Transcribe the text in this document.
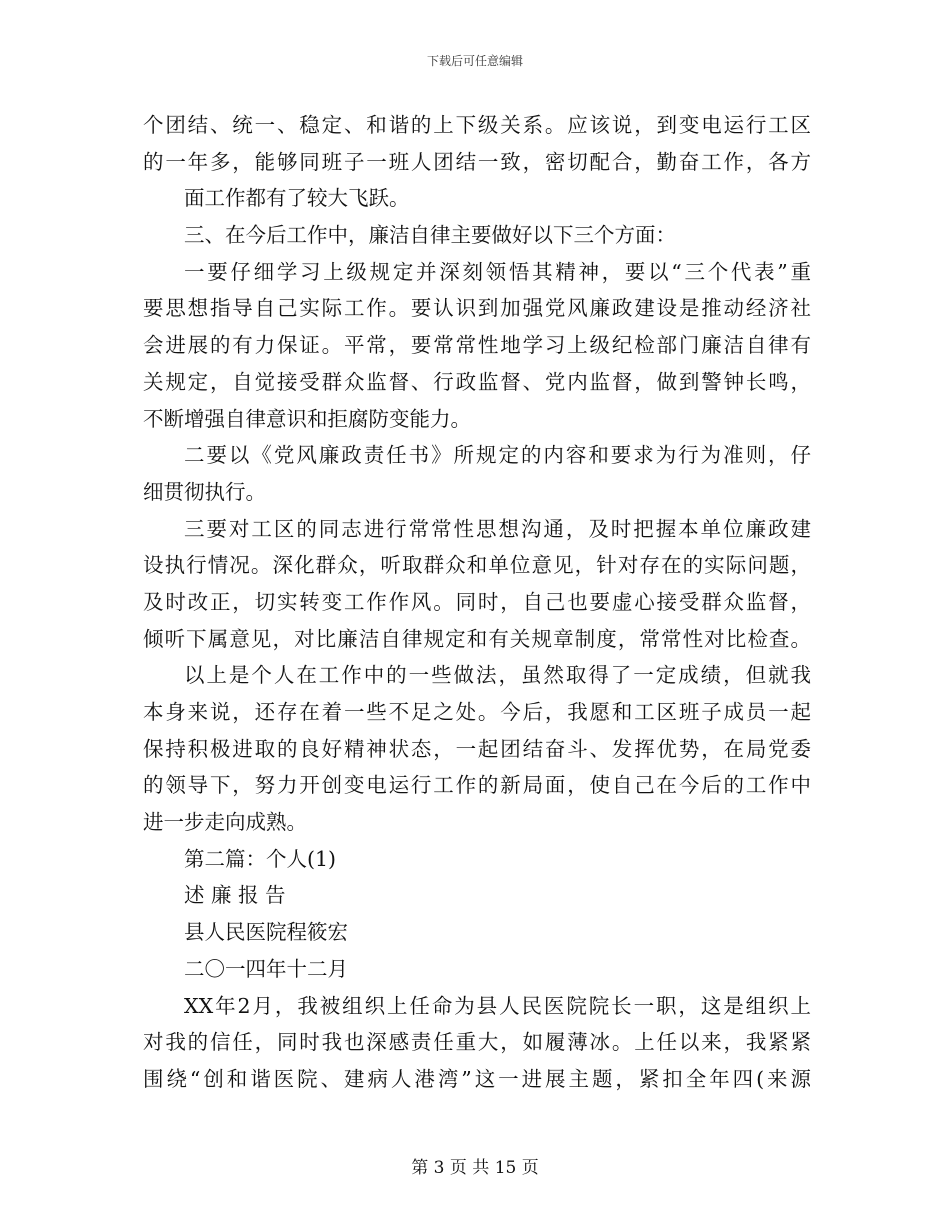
下载后可任意编辑
个团结、统一、稳定、和谐的上下级关系。应该说，到变电运行工区
的一年多，能够同班子一班人团结一致，密切配合，勤奋工作，各方
面工作都有了较大飞跃。
三、在今后工作中，廉洁自律主要做好以下三个方面：
一要仔细学习上级规定并深刻领悟其精神，要以“三个代表”重
要思想指导自己实际工作。要认识到加强党风廉政建设是推动经济社
会进展的有力保证。平常，要常常性地学习上级纪检部门廉洁自律有
关规定，自觉接受群众监督、行政监督、党内监督，做到警钟长鸣，
不断增强自律意识和拒腐防变能力。
二要以《党风廉政责任书》所规定的内容和要求为行为准则，仔
细贯彻执行。
三要对工区的同志进行常常性思想沟通，及时把握本单位廉政建
设执行情况。深化群众，听取群众和单位意见，针对存在的实际问题，
及时改正，切实转变工作作风。同时，自己也要虚心接受群众监督，
倾听下属意见，对比廉洁自律规定和有关规章制度，常常性对比检查。
以上是个人在工作中的一些做法，虽然取得了一定成绩，但就我
本身来说，还存在着一些不足之处。今后，我愿和工区班子成员一起
保持积极进取的良好精神状态，一起团结奋斗、发挥优势，在局党委
的领导下，努力开创变电运行工作的新局面，使自己在今后的工作中
进一步走向成熟。
第二篇：个人(1)
述 廉 报 告
县人民医院程筱宏
二〇一四年十二月
XX年2月，我被组织上任命为县人民医院院长一职，这是组织上
对我的信任，同时我也深感责任重大，如履薄冰。上任以来，我紧紧
围绕“创和谐医院、建病人港湾”这一进展主题，紧扣全年四(来源
第 3 页 共 15 页
